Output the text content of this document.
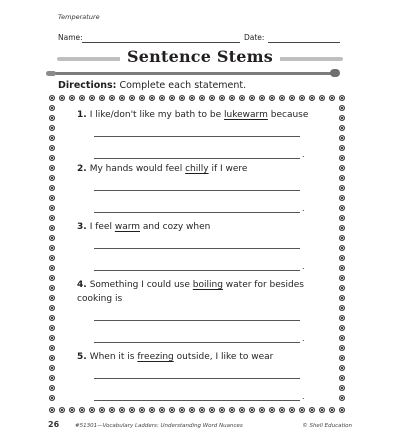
Temperature
Name:	Date:
Sentence Stems
Directions: Complete each statement.
1. I like/don't like my bath to be lukewarm because
.
2. My hands would feel chilly if I were
.
3. I feel warm and cozy when
.
4. Something I could use boiling water for besides cooking is
.
5. When it is freezing outside, I like to wear
.
26	#51301—Vocabulary Ladders: Understanding Word Nuances	© Shell Education
